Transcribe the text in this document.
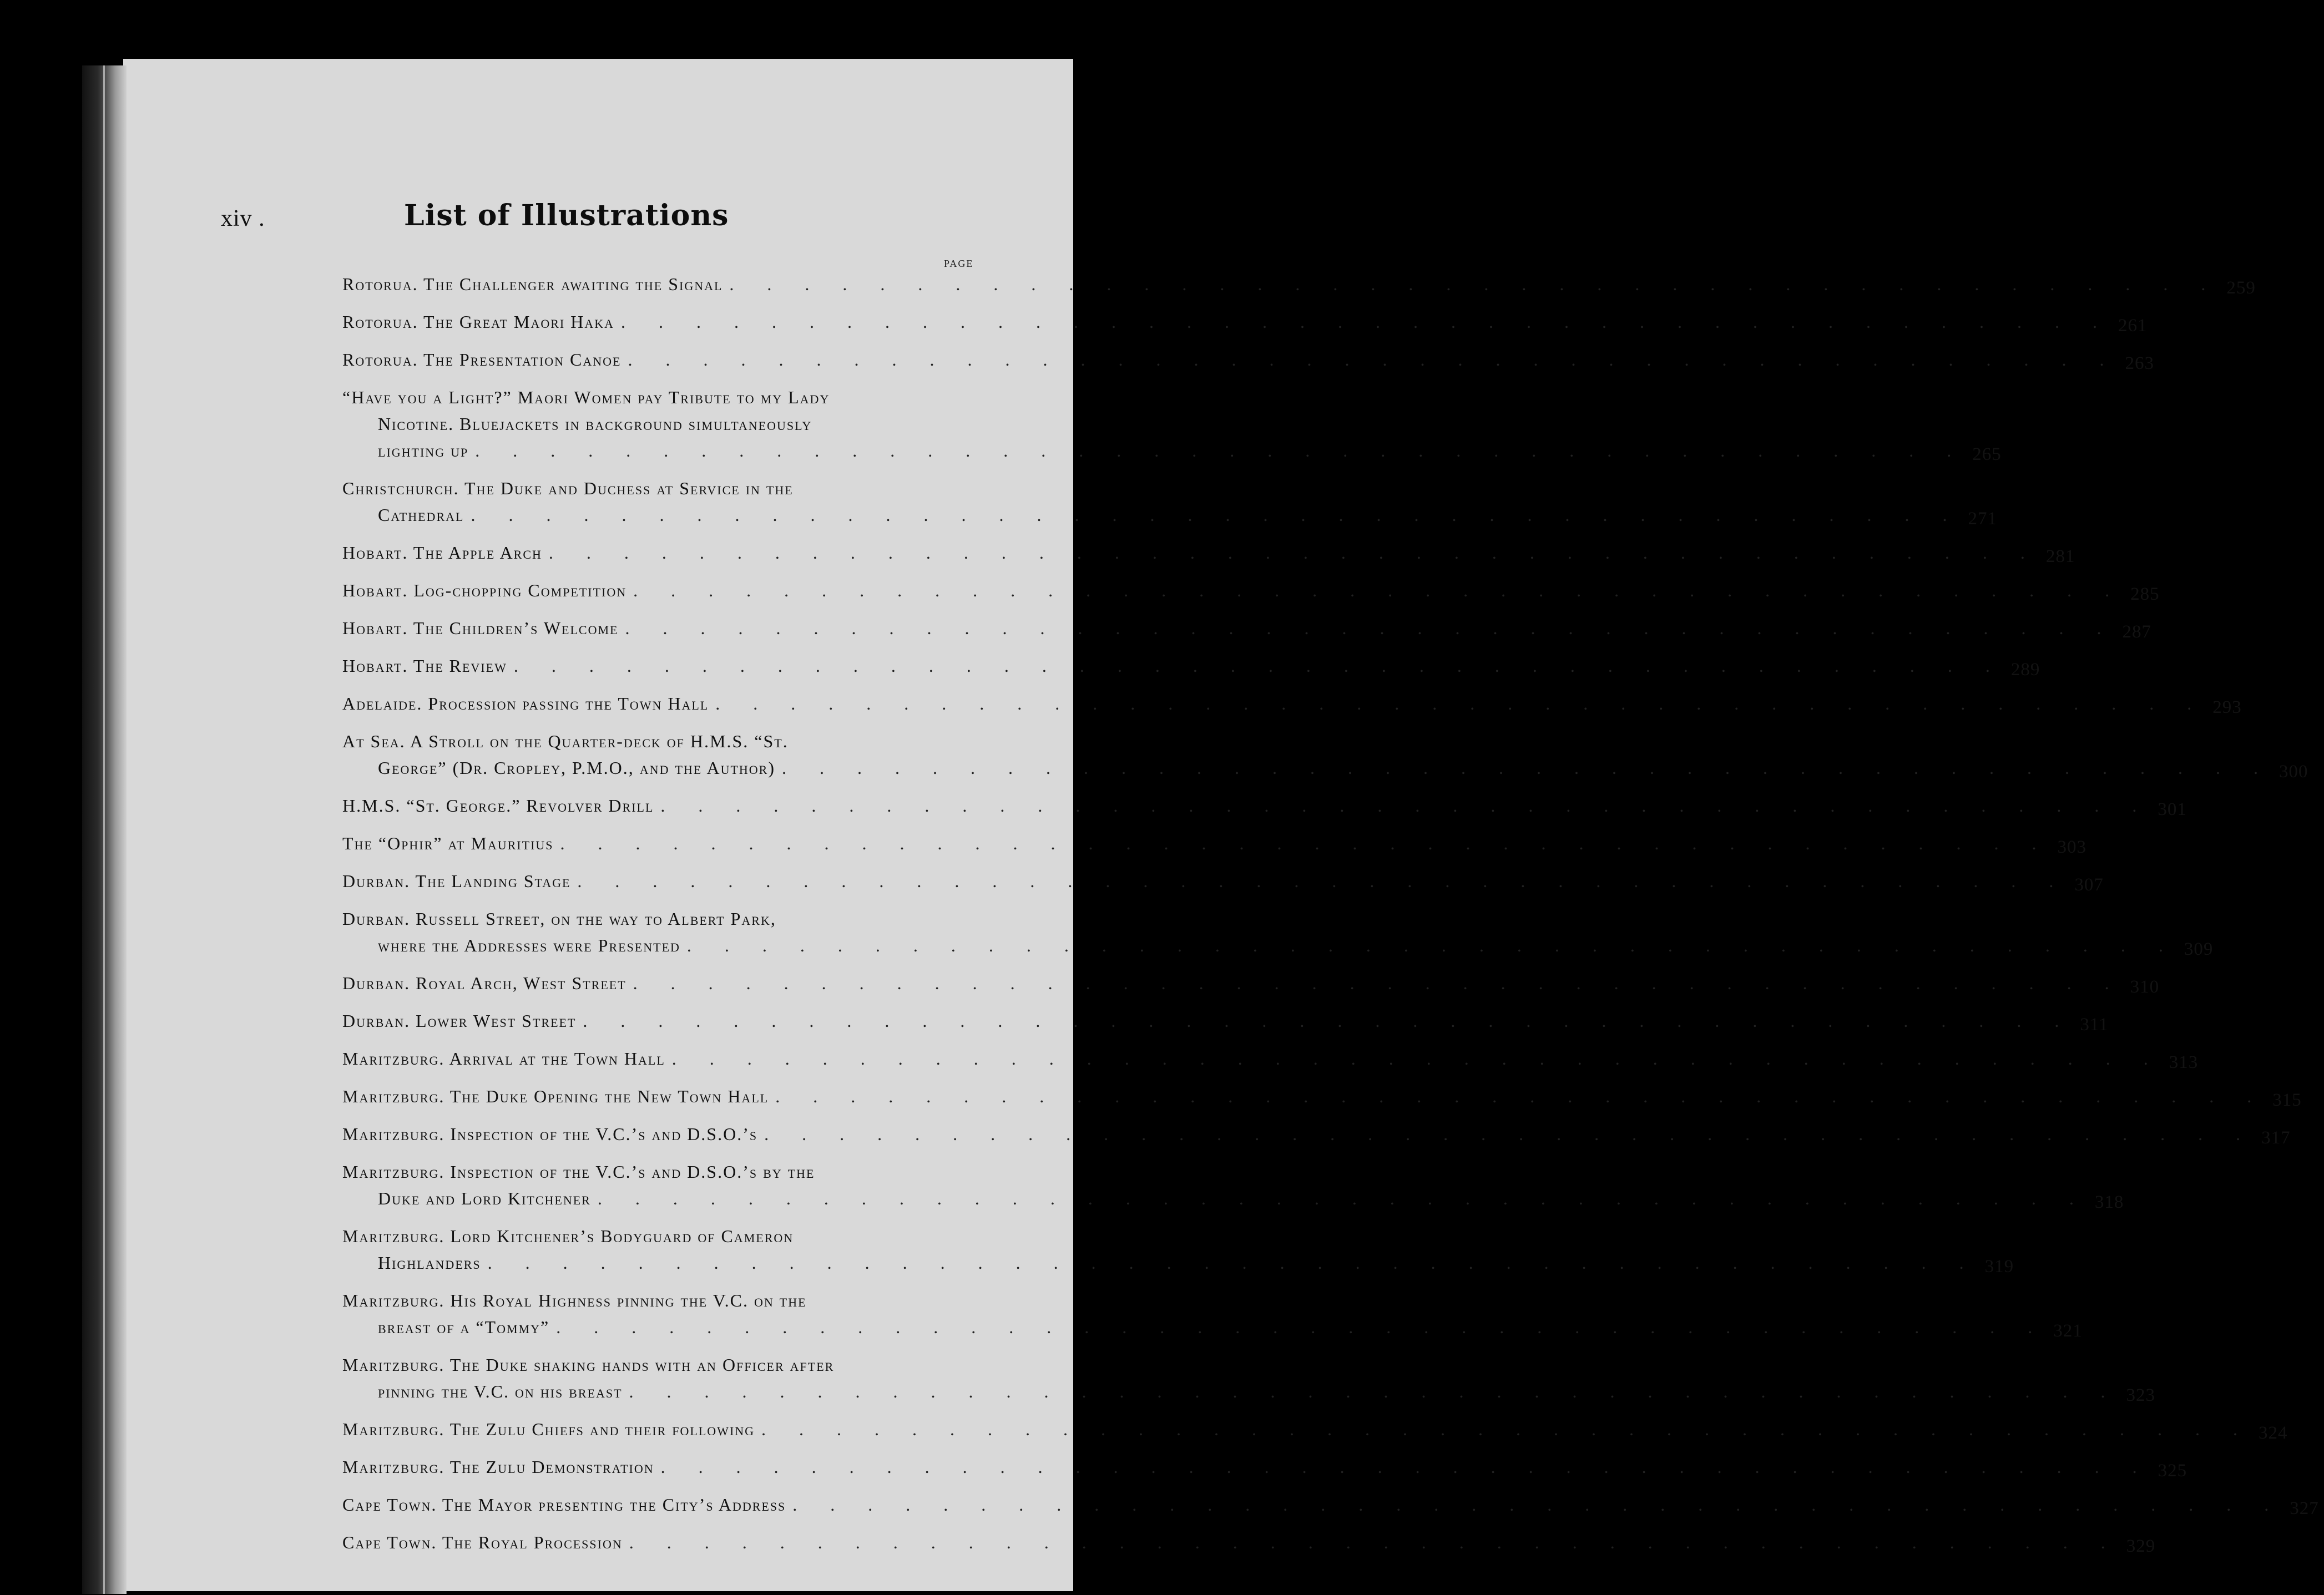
xiv .	List of Illustrations
PAGE
Rotorua. The Challenger awaiting the Signal . . . . . . . . . . . . . . . . . . . . . . . . . . . . . . . . . . . . . . . . 259
Rotorua. The Great Maori Haka . . . . . . . . . . . . . . . . . . . . . . . . . . . . . . . . . . . . . . . . 261
Rotorua. The Presentation Canoe . . . . . . . . . . . . . . . . . . . . . . . . . . . . . . . . . . . . . . . . 263
“Have you a Light?” Maori Women pay Tribute to my Lady
Nicotine. Bluejackets in background simultaneously
lighting up . . . . . . . . . . . . . . . . . . . . . . . . . . . . . . . . . . . . . . . . 265
Christchurch. The Duke and Duchess at Service in the
Cathedral . . . . . . . . . . . . . . . . . . . . . . . . . . . . . . . . . . . . . . . . 271
Hobart. The Apple Arch . . . . . . . . . . . . . . . . . . . . . . . . . . . . . . . . . . . . . . . . 281
Hobart. Log-chopping Competition . . . . . . . . . . . . . . . . . . . . . . . . . . . . . . . . . . . . . . . . 285
Hobart. The Children’s Welcome . . . . . . . . . . . . . . . . . . . . . . . . . . . . . . . . . . . . . . . . 287
Hobart. The Review . . . . . . . . . . . . . . . . . . . . . . . . . . . . . . . . . . . . . . . . 289
Adelaide. Procession passing the Town Hall . . . . . . . . . . . . . . . . . . . . . . . . . . . . . . . . . . . . . . . . 293
At Sea. A Stroll on the Quarter-deck of H.M.S. “St.
George” (Dr. Cropley, P.M.O., and the Author) . . . . . . . . . . . . . . . . . . . . . . . . . . . . . . . . . . . . . . . . 300
H.M.S. “St. George.” Revolver Drill . . . . . . . . . . . . . . . . . . . . . . . . . . . . . . . . . . . . . . . . 301
The “Ophir” at Mauritius . . . . . . . . . . . . . . . . . . . . . . . . . . . . . . . . . . . . . . . . 303
Durban. The Landing Stage . . . . . . . . . . . . . . . . . . . . . . . . . . . . . . . . . . . . . . . . 307
Durban. Russell Street, on the way to Albert Park,
where the Addresses were Presented . . . . . . . . . . . . . . . . . . . . . . . . . . . . . . . . . . . . . . . . 309
Durban. Royal Arch, West Street . . . . . . . . . . . . . . . . . . . . . . . . . . . . . . . . . . . . . . . . 310
Durban. Lower West Street . . . . . . . . . . . . . . . . . . . . . . . . . . . . . . . . . . . . . . . . 311
Maritzburg. Arrival at the Town Hall . . . . . . . . . . . . . . . . . . . . . . . . . . . . . . . . . . . . . . . . 313
Maritzburg. The Duke Opening the New Town Hall . . . . . . . . . . . . . . . . . . . . . . . . . . . . . . . . . . . . . . . . 315
Maritzburg. Inspection of the V.C.’s and D.S.O.’s . . . . . . . . . . . . . . . . . . . . . . . . . . . . . . . . . . . . . . . . 317
Maritzburg. Inspection of the V.C.’s and D.S.O.’s by the
Duke and Lord Kitchener . . . . . . . . . . . . . . . . . . . . . . . . . . . . . . . . . . . . . . . . 318
Maritzburg. Lord Kitchener’s Bodyguard of Cameron
Highlanders . . . . . . . . . . . . . . . . . . . . . . . . . . . . . . . . . . . . . . . . 319
Maritzburg. His Royal Highness pinning the V.C. on the
breast of a “Tommy” . . . . . . . . . . . . . . . . . . . . . . . . . . . . . . . . . . . . . . . . 321
Maritzburg. The Duke shaking hands with an Officer after
pinning the V.C. on his breast . . . . . . . . . . . . . . . . . . . . . . . . . . . . . . . . . . . . . . . . 323
Maritzburg. The Zulu Chiefs and their following . . . . . . . . . . . . . . . . . . . . . . . . . . . . . . . . . . . . . . . . 324
Maritzburg. The Zulu Demonstration . . . . . . . . . . . . . . . . . . . . . . . . . . . . . . . . . . . . . . . . 325
Cape Town. The Mayor presenting the City’s Address . . . . . . . . . . . . . . . . . . . . . . . . . . . . . . . . . . . . . . . . 327
Cape Town. The Royal Procession . . . . . . . . . . . . . . . . . . . . . . . . . . . . . . . . . . . . . . . . 329
